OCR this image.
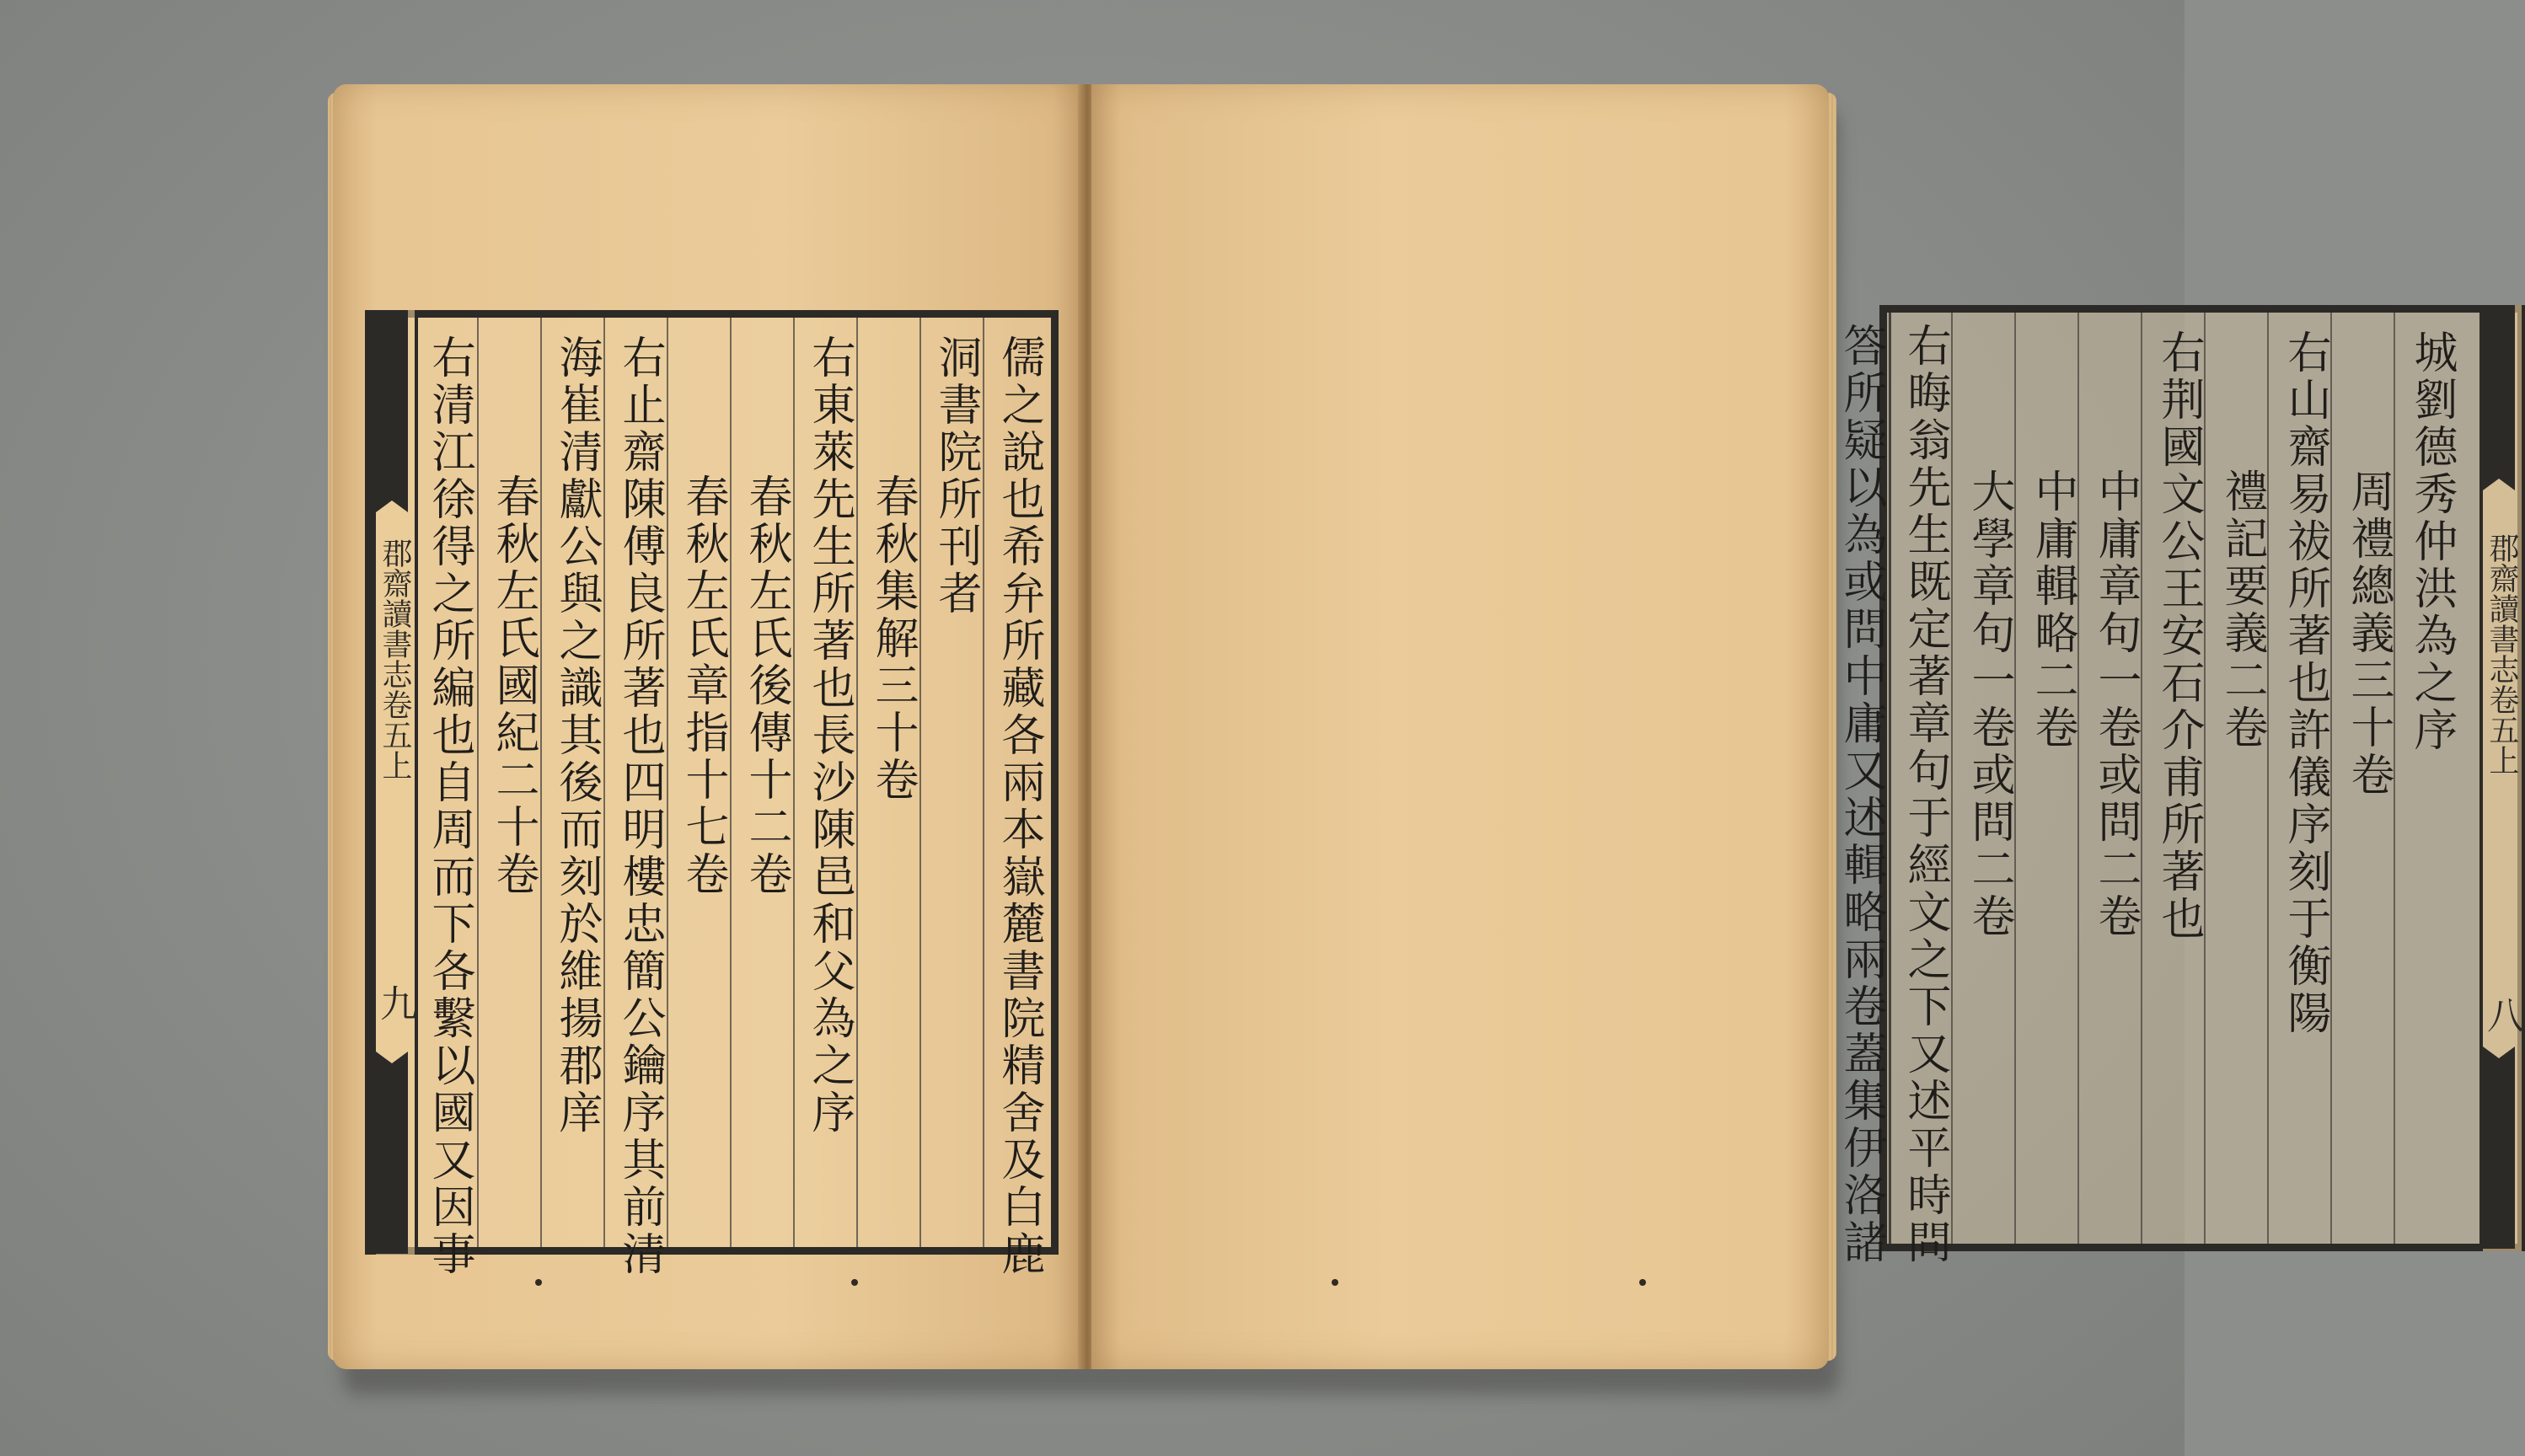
郡齋讀書志卷五上
九	儒之說也希弁所藏各兩本嶽麓書院精舍及白鹿
洞書院所刊者
春秋集解三十卷
右東萊先生所著也長沙陳邑和父為之序
春秋左氏後傳十二卷
春秋左氏章指十七卷
右止齋陳傅良所著也四明樓忠簡公鑰序其前清
海崔清獻公與之識其後而刻於維揚郡庠
春秋左氏國紀二十卷
右清江徐得之所編也自周而下各繫以國又因事	郡齋讀書志卷五上
八
城劉德秀仲洪為之序
周禮總義三十卷
右山齋易祓所著也許儀序刻于衡陽
禮記要義二卷
右荆國文公王安石介甫所著也
中庸章句一卷或問二卷
中庸輯略二卷
大學章句一卷或問二卷
右晦翁先生既定著章句于經文之下又述平時問
答所疑以為或問中庸又述輯略兩卷蓋集伊洛諸
